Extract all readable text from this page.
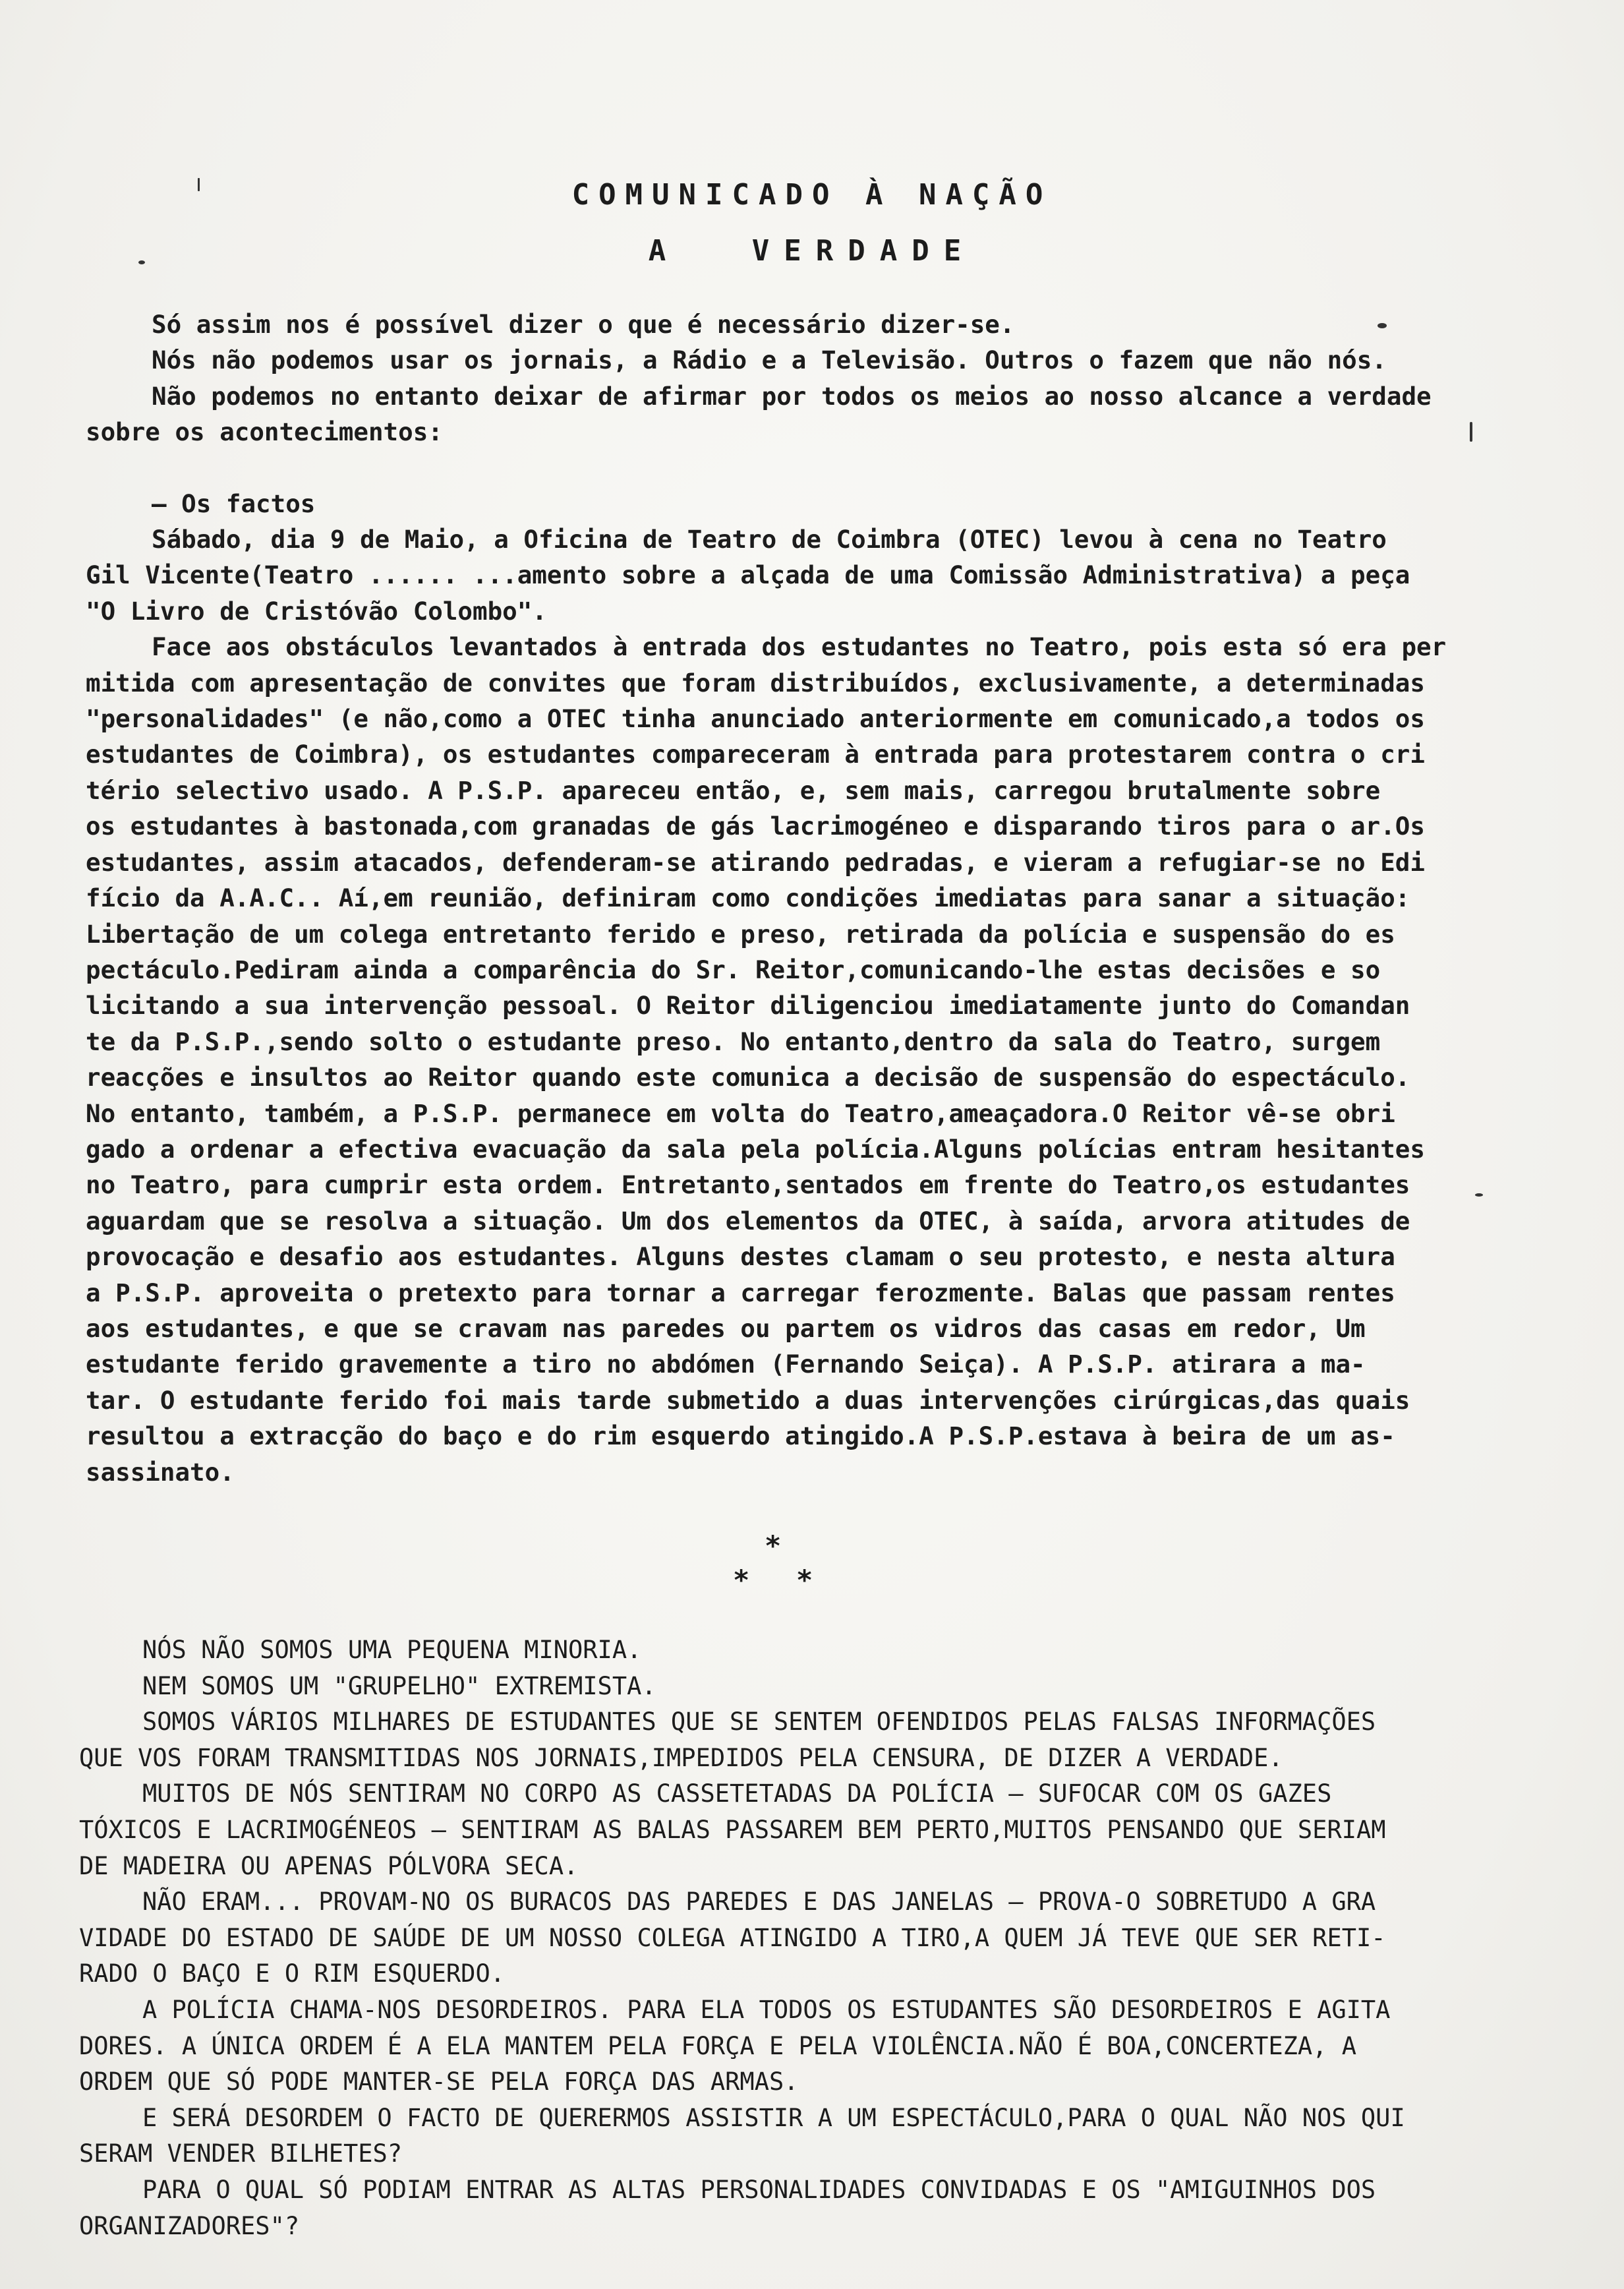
COMUNICADO À NAÇÃO
A VERDADE

Só assim nos é possível dizer o que é necessário dizer-se.

Nós não podemos usar os jornais, a Rádio e a Televisão. Outros o fazem que não nós.

Não podemos no entanto deixar de afirmar por todos os meios ao nosso alcance a verdade

sobre os acontecimentos:

— Os factos

Sábado, dia 9 de Maio, a Oficina de Teatro de Coimbra (OTEC) levou à cena no Teatro

Gil Vicente(Teatro ...... ...amento sobre a alçada de uma Comissão Administrativa) a peça

"O Livro de Cristóvão Colombo".

Face aos obstáculos levantados à entrada dos estudantes no Teatro, pois esta só era per

mitida com apresentação de convites que foram distribuídos, exclusivamente, a determinadas

"personalidades" (e não,como a OTEC tinha anunciado anteriormente em comunicado,a todos os

estudantes de Coimbra), os estudantes compareceram à entrada para protestarem contra o cri

tério selectivo usado. A P.S.P. apareceu então, e, sem mais, carregou brutalmente sobre

os estudantes à bastonada,com granadas de gás lacrimogéneo e disparando tiros para o ar.Os

estudantes, assim atacados, defenderam-se atirando pedradas, e vieram a refugiar-se no Edi

fício da A.A.C.. Aí,em reunião, definiram como condições imediatas para sanar a situação:

Libertação de um colega entretanto ferido e preso, retirada da polícia e suspensão do es

pectáculo.Pediram ainda a comparência do Sr. Reitor,comunicando-lhe estas decisões e so

licitando a sua intervenção pessoal. O Reitor diligenciou imediatamente junto do Comandan

te da P.S.P.,sendo solto o estudante preso. No entanto,dentro da sala do Teatro, surgem

reacções e insultos ao Reitor quando este comunica a decisão de suspensão do espectáculo.

No entanto, também, a P.S.P. permanece em volta do Teatro,ameaçadora.O Reitor vê-se obri

gado a ordenar a efectiva evacuação da sala pela polícia.Alguns polícias entram hesitantes

no Teatro, para cumprir esta ordem. Entretanto,sentados em frente do Teatro,os estudantes

aguardam que se resolva a situação. Um dos elementos da OTEC, à saída, arvora atitudes de

provocação e desafio aos estudantes. Alguns destes clamam o seu protesto, e nesta altura

a P.S.P. aproveita o pretexto para tornar a carregar ferozmente. Balas que passam rentes

aos estudantes, e que se cravam nas paredes ou partem os vidros das casas em redor, Um

estudante ferido gravemente a tiro no abdómen (Fernando Seiça). A P.S.P. atirara a ma-

tar. O estudante ferido foi mais tarde submetido a duas intervenções cirúrgicas,das quais

resultou a extracção do baço e do rim esquerdo atingido.A P.S.P.estava à beira de um as-

sassinato.

*
* *

NÓS NÃO SOMOS UMA PEQUENA MINORIA.

NEM SOMOS UM "GRUPELHO" EXTREMISTA.

SOMOS VÁRIOS MILHARES DE ESTUDANTES QUE SE SENTEM OFENDIDOS PELAS FALSAS INFORMAÇÕES

QUE VOS FORAM TRANSMITIDAS NOS JORNAIS,IMPEDIDOS PELA CENSURA, DE DIZER A VERDADE.

MUITOS DE NÓS SENTIRAM NO CORPO AS CASSETETADAS DA POLÍCIA — SUFOCAR COM OS GAZES

TÓXICOS E LACRIMOGÉNEOS — SENTIRAM AS BALAS PASSAREM BEM PERTO,MUITOS PENSANDO QUE SERIAM

DE MADEIRA OU APENAS PÓLVORA SECA.

NÃO ERAM... PROVAM-NO OS BURACOS DAS PAREDES E DAS JANELAS — PROVA-O SOBRETUDO A GRA

VIDADE DO ESTADO DE SAÚDE DE UM NOSSO COLEGA ATINGIDO A TIRO,A QUEM JÁ TEVE QUE SER RETI-

RADO O BAÇO E O RIM ESQUERDO.

A POLÍCIA CHAMA-NOS DESORDEIROS. PARA ELA TODOS OS ESTUDANTES SÃO DESORDEIROS E AGITA

DORES. A ÚNICA ORDEM É A ELA MANTEM PELA FORÇA E PELA VIOLÊNCIA.NÃO É BOA,CONCERTEZA, A

ORDEM QUE SÓ PODE MANTER-SE PELA FORÇA DAS ARMAS.

E SERÁ DESORDEM O FACTO DE QUERERMOS ASSISTIR A UM ESPECTÁCULO,PARA O QUAL NÃO NOS QUI

SERAM VENDER BILHETES?

PARA O QUAL SÓ PODIAM ENTRAR AS ALTAS PERSONALIDADES CONVIDADAS E OS "AMIGUINHOS DOS

ORGANIZADORES"?
